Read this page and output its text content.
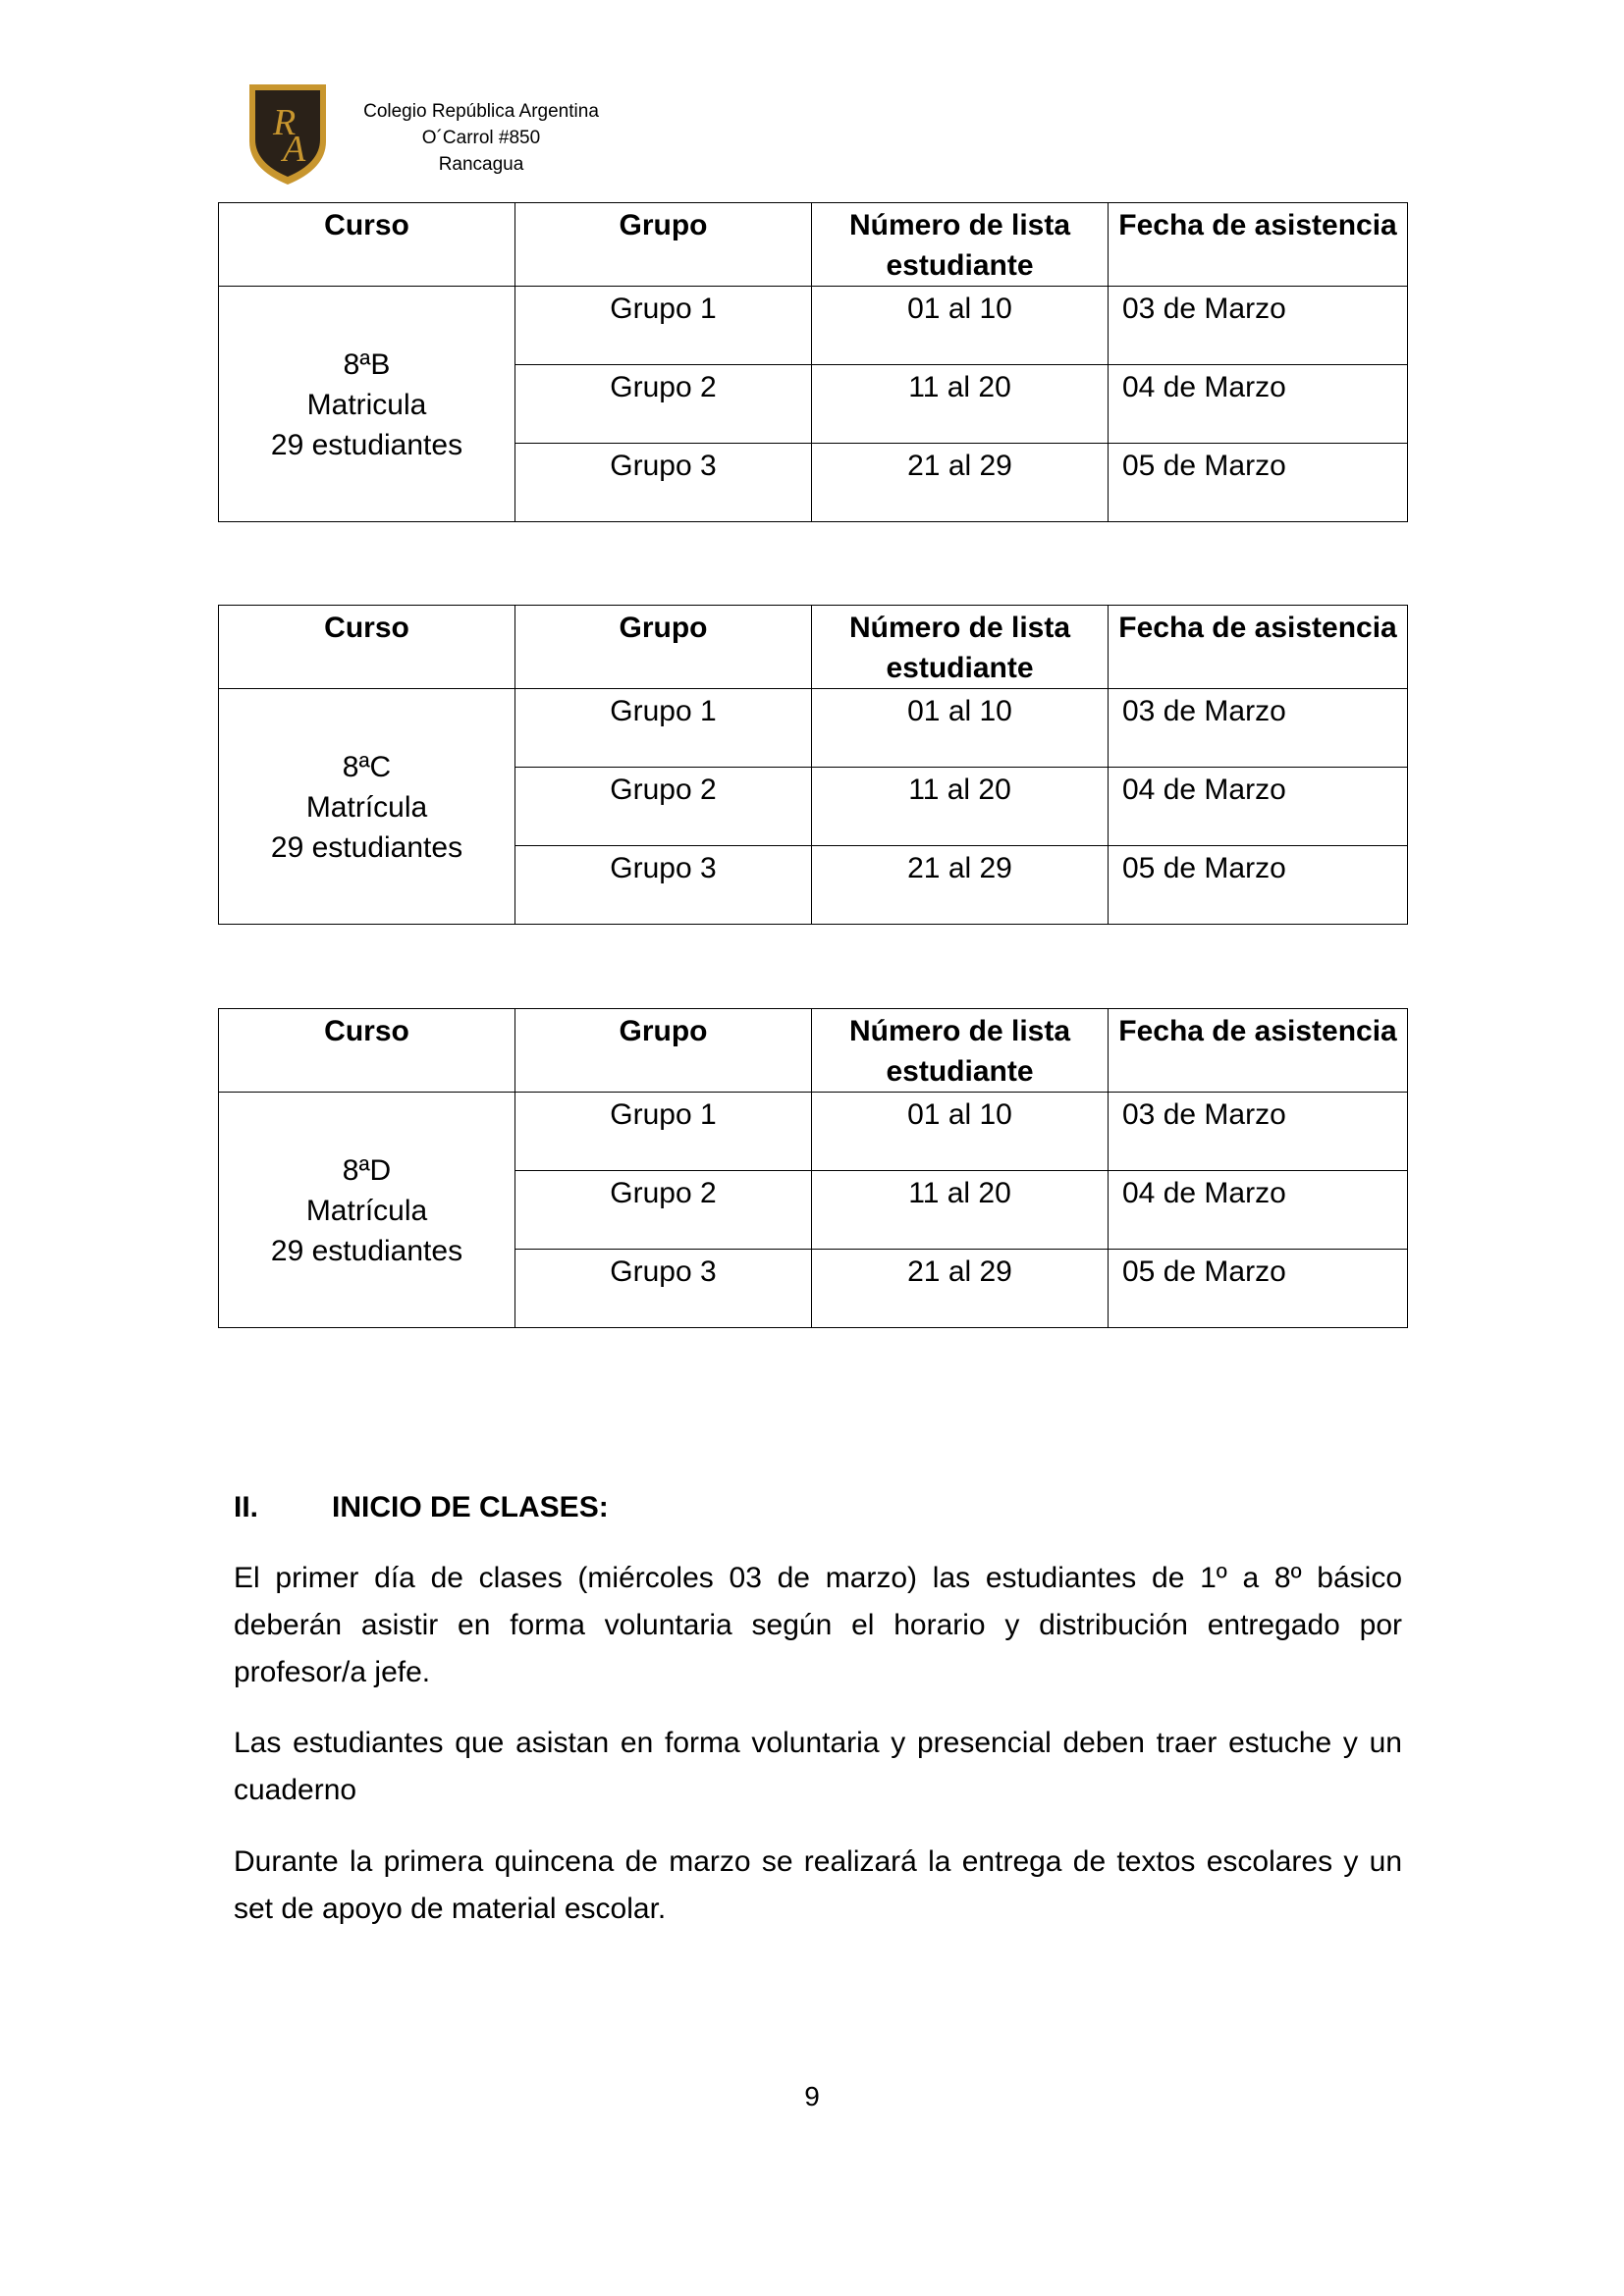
R
A
Colegio República Argentina
O´Carrol #850
Rancagua
Curso	Grupo	Número de lista estudiante	Fecha de asistencia

8ªB
Matricula
29 estudiantes	Grupo 1	01 al 10	03 de Marzo
	Grupo 2	11 al 20	04 de Marzo
	Grupo 3	21 al 29	05 de Marzo
Curso	Grupo	Número de lista estudiante	Fecha de asistencia

8ªC
Matrícula
29 estudiantes	Grupo 1	01 al 10	03 de Marzo
	Grupo 2	11 al 20	04 de Marzo
	Grupo 3	21 al 29	05 de Marzo
Curso	Grupo	Número de lista estudiante	Fecha de asistencia

8ªD
Matrícula
29 estudiantes	Grupo 1	01 al 10	03 de Marzo
	Grupo 2	11 al 20	04 de Marzo
	Grupo 3	21 al 29	05 de Marzo
II. INICIO DE CLASES:

El primer día de clases (miércoles 03 de marzo) las estudiantes de 1º a 8º básico deberán asistir en forma voluntaria según el horario y distribución entregado por profesor/a jefe.

Las estudiantes que asistan en forma voluntaria y presencial deben traer estuche y un cuaderno

Durante la primera quincena de marzo se realizará la entrega de textos escolares y un set de apoyo de material escolar.

9
